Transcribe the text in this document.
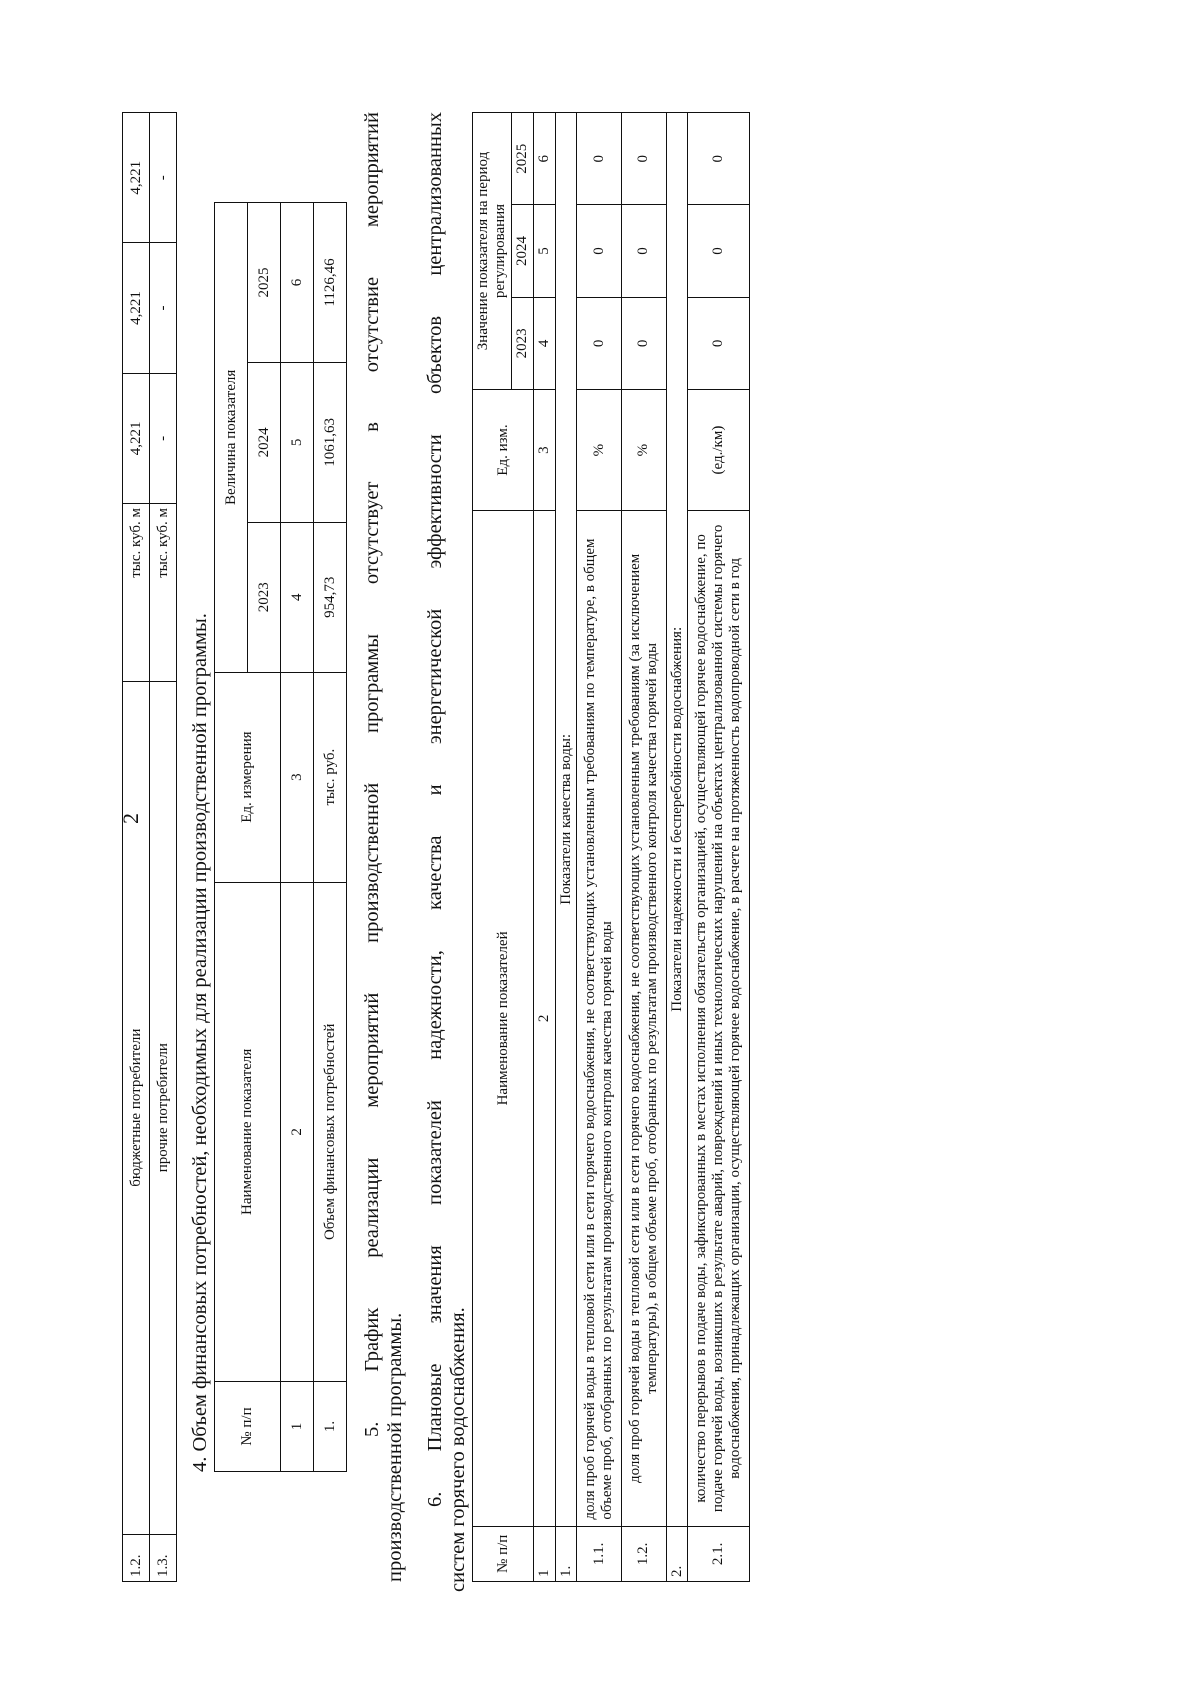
2
1.2.	бюджетные потребители	тыс. куб. м	4,221	4,221	4,221
1.3.	прочие потребители	тыс. куб. м	-	-	-
4. Объем финансовых потребностей, необходимых для реализации производственной программы. № п/п	Наименование показателя	Ед. измерения	Величина показателя		
			2023	2024	2025
1	2	3	4	5	6
1.	Объем финансовых потребностей	тыс. руб.	954,73	1061,63	1126,46 5. График реализации мероприятий производственной программы отсутствует в отсутствие мероприятий
производственной программы. 6. Плановые значения показателей надежности, качества и энергетической эффективности объектов централизованных систем горячего водоснабжения. № п/п	Наименование показателей	Ед. изм.	Значение показателя на период регулирования		
			2023	2024	2025
1	2	3	4	5	6
1.	Показатели качества воды:				
1.1.	доля проб горячей воды в тепловой сети или в сети горячего водоснабжения, не соответствующих установленным требованиям по температуре, в общем объеме проб, отобранных по результатам производственного контроля качества горячей воды	%	0	0	0
1.2.	доля проб горячей воды в тепловой сети или в сети горячего водоснабжения, не соответствующих установленным требованиям (за исключением температуры), в общем объеме проб, отобранных по результатам производственного контроля качества горячей воды	%	0	0	0
2.	Показатели надежности и бесперебойности водоснабжения:				
2.1.	количество перерывов в подаче воды, зафиксированных в местах исполнения обязательств организацией, осуществляющей горячее водоснабжение, по подаче горячей воды, возникших в результате аварий, повреждений и иных технологических нарушений на объектах централизованной системы горячего водоснабжения, принадлежащих организации, осуществляющей горячее водоснабжение, в расчете на протяженность водопроводной сети в год	(ед./км)	0	0	0
